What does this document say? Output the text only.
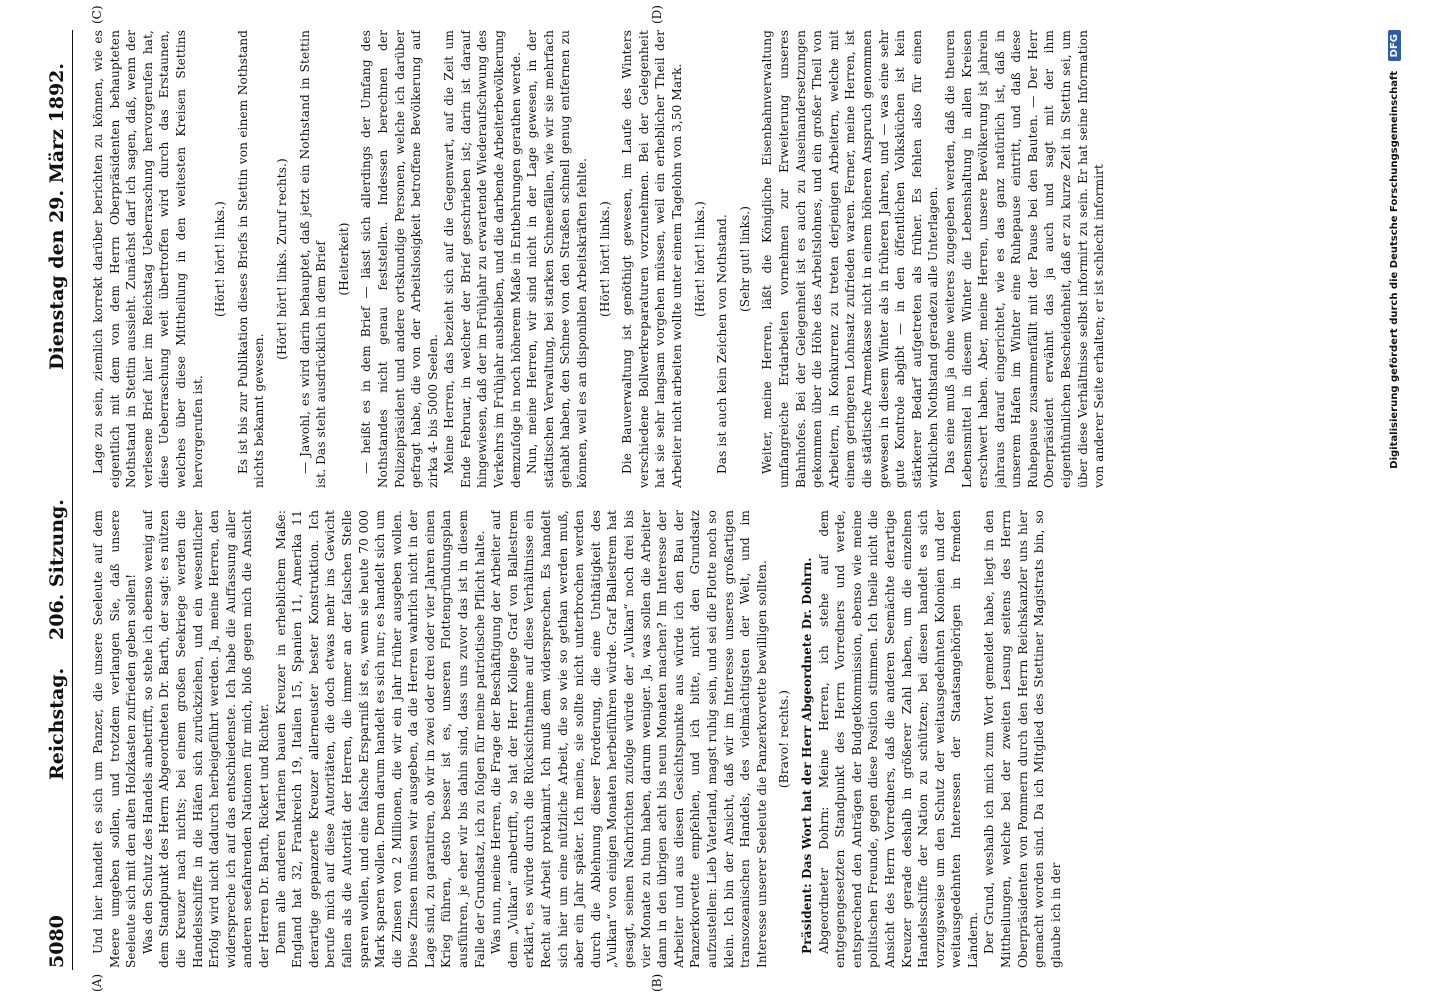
5080
Reichstag.
206. Sitzung.
Dienstag den 29. März 1892.
(A)	(B)
(C)	(D)

Und hier handelt es sich um Panzer, die unsere Seeleute auf dem Meere umgeben sollen, und trotzdem verlangen Sie, daß unsere Seeleute sich mit den alten Holzkasten zufrieden geben sollen! Was den Schutz des Handels anbetrifft, so stehe ich ebenso wenig auf dem Standpunkt des Herrn Abgeordneten Dr. Barth, der sagt: es nützen die Kreuzer nach nichts; bei einem großen Seekriege werden die Handelsschiffe in die Häfen sich zurückziehen, und ein wesentlicher Erfolg wird nicht dadurch herbeigeführt werden. Ja, meine Herren, den widerspreche ich auf das entschiedenste. Ich habe die Auffassung aller anderen seefahrenden Nationen für mich, bloß gegen mich die Ansicht der Herren Dr. Barth, Rickert und Richter. Denn alle anderen Marinen bauen Kreuzer in erheblichem Maße: England hat 32, Frankreich 19, Italien 15, Spanien 11, Amerika 11 derartige gepanzerte Kreuzer allerneuster bester Konstruktion. Ich berufe mich auf diese Autoritäten, die doch etwas mehr ins Gewicht fallen als die Autorität der Herren, die immer an der falschen Stelle sparen wollen, und eine falsche Ersparniß ist es, wenn sie heute 70 000 Mark sparen wollen. Denn darum handelt es sich nur; es handelt sich um die Zinsen von 2 Millionen, die wir ein Jahr früher ausgeben wollen. Diese Zinsen müssen wir ausgeben, da die Herren wahrlich nicht in der Lage sind, zu garantiren, ob wir in zwei oder drei oder vier Jahren einen Krieg führen, desto besser ist es, unseren Flottengründungsplan ausführen, je eher wir bis dahin sind, dass uns zuvor das ist in diesem Falle der Grundsatz, ich zu folgen für meine patriotische Pflicht halte. Was nun, meine Herren, die Frage der Beschäftigung der Arbeiter auf dem „Vulkan“ anbetrifft, so hat der Herr Kollege Graf von Ballestrem erklärt, es würde durch die Rücksichtnahme auf diese Verhältnisse ein Recht auf Arbeit proklamirt. Ich muß dem widersprechen. Es handelt sich hier um eine nützliche Arbeit, die so wie so gethan werden muß, aber ein Jahr später. Ich meine, sie sollte nicht unterbrochen werden durch die Ablehnung dieser Forderung, die eine Unthätigkeit des „Vulkan“ von einigen Monaten herbeiführen würde. Graf Ballestrem hat gesagt, seinen Nachrichten zufolge würde der „Vulkan“ noch drei bis vier Monate zu thun haben, darum weniger. Ja, was sollen die Arbeiter dann in den übrigen acht bis neun Monaten machen? Im Interesse der Arbeiter und aus diesen Gesichtspunkte aus würde ich den Bau der Panzerkorvette empfehlen, und ich bitte, nicht den Grundsatz aufzustellen: Lieb Vaterland, magst ruhig sein, und sei die Flotte noch so klein. Ich bin der Ansicht, daß wir im Interesse unseres großartigen transozeanischen Handels, des vielmächtigsten der Welt, und im Interesse unserer Seeleute die Panzerkorvette bewilligen sollten. (Bravo! rechts.) Präsident: Das Wort hat der Herr Abgeordnete Dr. Dohrn. Abgeordneter Dohrn: Meine Herren, ich stehe auf dem entgegengesetzten Standpunkt des Herrn Vorredners und werde, entsprechend den Anträgen der Budgetkommission, ebenso wie meine politischen Freunde, gegen diese Position stimmen. Ich theile nicht die Ansicht des Herrn Vorredners, daß die anderen Seemächte derartige Kreuzer gerade deshalb in größerer Zahl haben, um die einzelnen Handelsschiffe der Nation zu schützen; bei diesen handelt es sich vorzugsweise um den Schutz der weitausgedehnten Kolonien und der weitausgedehnten Interessen der Staatsangehörigen in fremden Ländern. Der Grund, weshalb ich mich zum Wort gemeldet habe, liegt in den Mittheilungen, welche bei der zweiten Lesung seitens des Herrn Oberpräsidenten von Pommern durch den Herrn Reichskanzler uns hier gemacht worden sind. Da ich Mitglied des Stettiner Magistrats bin, so glaube ich in der

Lage zu sein, ziemlich korrekt darüber berichten zu können, wie es eigentlich mit dem von dem Herrn Oberpräsidenten behaupteten Nothstand in Stettin aussieht. Zunächst darf ich sagen, daß, wenn der verlesene Brief hier im Reichstag Ueberraschung hervorgerufen hat, diese Ueberraschung weit übertroffen wird durch das Erstaunen, welches über diese Mittheilung in den weitesten Kreisen Stettins hervorgerufen ist.

(Hört! hört! links.) Es ist bis zur Publikation dieses Briefs in Stettin von einem Nothstand nichts bekannt gewesen.

(Hört! hört! links. Zuruf rechts.) — Jawohl, es wird darin behauptet, daß jetzt ein Nothstand in Stettin ist. Das steht ausdrücklich in dem Brief (Heiterkeit) — heißt es in dem Brief — lässt sich allerdings der Umfang des Nothstandes nicht genau feststellen. Indessen berechnen der Polizeipräsident und andere ortskundige Personen, welche ich darüber gefragt habe, die von der Arbeitslosigkeit betroffene Bevölkerung auf zirka 4- bis 5000 Seelen. Meine Herren, das bezieht sich auf die Gegenwart, auf die Zeit um Ende Februar, in welcher der Brief geschrieben ist; darin ist darauf hingewiesen, daß der im Frühjahr zu erwartende Wiederaufschwung des Verkehrs im Frühjahr ausbleiben, und die darbende Arbeiterbevölkerung demzufolge in noch höherem Maße in Entbehrungen gerathen werde. Nun, meine Herren, wir sind nicht in der Lage gewesen, in der städtischen Verwaltung, bei starken Schneefällen, wie wir sie mehrfach gehabt haben, den Schnee von den Straßen schnell genug entfernen zu können, weil es an disponiblen Arbeitskräften fehlte. (Hört! hört! links.) Die Bauverwaltung ist genöthigt gewesen, im Laufe des Winters verschiedene Bollwerkreparaturen vorzunehmen. Bei der Gelegenheit hat sie sehr langsam vorgehen müssen, weil ein erheblicher Theil der Arbeiter nicht arbeiten wollte unter einem Tagelohn von 3,50 Mark. (Hört! hört! links.) Das ist auch kein Zeichen von Nothstand. (Sehr gut! links.) Weiter, meine Herren, läßt die Königliche Eisenbahnverwaltung umfangreiche Erdarbeiten vornehmen zur Erweiterung unseres Bahnhofes. Bei der Gelegenheit ist es auch zu Auseinandersetzungen gekommen über die Höhe des Arbeitslohnes, und ein großer Theil von Arbeitern, in Konkurrenz zu treten derjenigen Arbeitern, welche mit einem geringeren Lohnsatz zufrieden waren. Ferner, meine Herren, ist die städtische Armenkasse nicht in einem höheren Anspruch genommen gewesen in diesem Winter als in früheren Jahren, und — was eine sehr gute Kontrole abgibt — in den öffentlichen Volksküchen ist kein stärkerer Bedarf aufgetreten als früher. Es fehlen also für einen wirklichen Nothstand geradezu alle Unterlagen. Das eine muß ja ohne weiteres zugegeben werden, daß die theuren Lebensmittel in diesem Winter die Lebenshaltung in allen Kreisen erschwert haben. Aber, meine Herren, unsere Bevölkerung ist jahrein jahraus darauf eingerichtet, wie es das ganz natürlich ist, daß in unserem Hafen im Winter eine Ruhepause eintritt, und daß diese Ruhepause zusammenfällt mit der Pause bei den Bauten. — Der Herr Oberpräsident erwähnt das ja auch und sagt mit der ihm eigenthümlichen Bescheidenheit, daß er zu kurze Zeit in Stettin sei, um über diese Verhältnisse selbst informirt zu sein. Er hat seine Information von anderer Seite erhalten; er ist schlecht informirt	Digitalisierung gefördert durch die Deutsche Forschungsgemeinschaft DFG
